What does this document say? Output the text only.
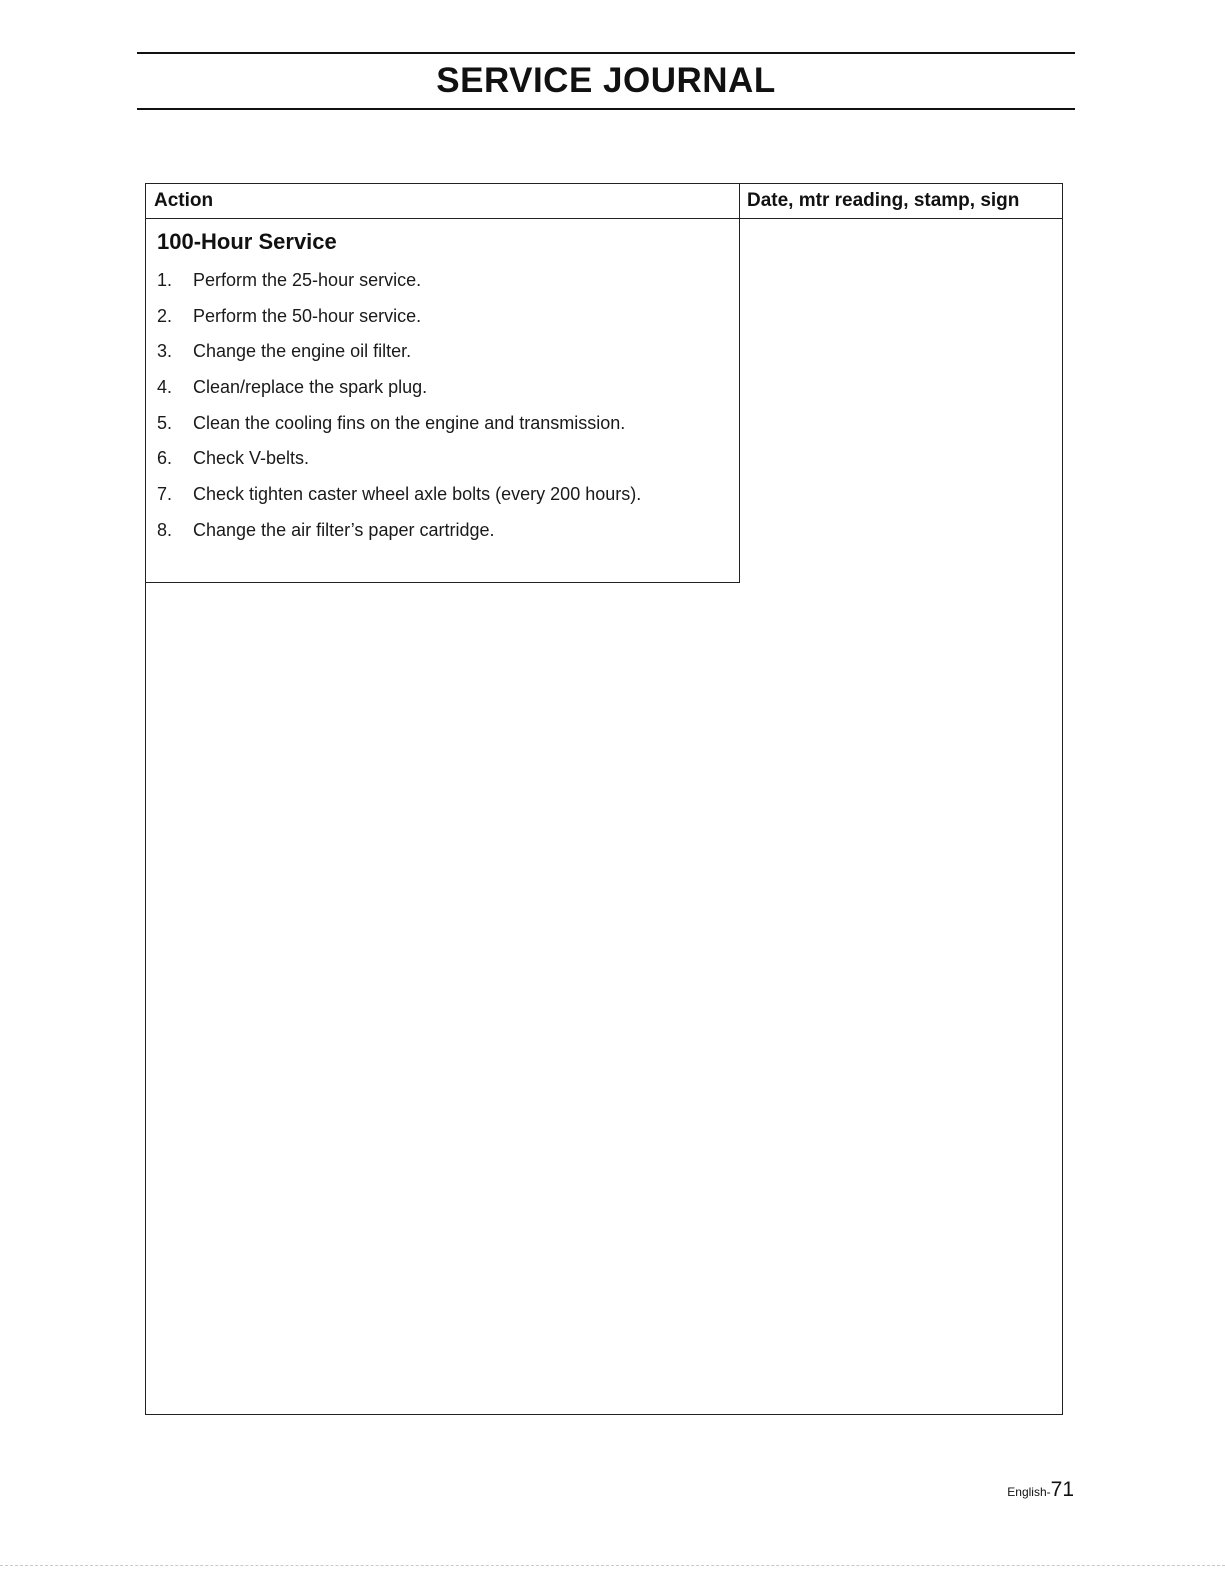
SERVICE JOURNAL
Action	Date, mtr reading, stamp, sign
100-Hour Service
1. Perform the 25-hour service.
2. Perform the 50-hour service.
3. Change the engine oil filter.
4. Clean/replace the spark plug.
5. Clean the cooling fins on the engine and transmission.
6. Check V-belts.
7. Check tighten caster wheel axle bolts (every 200 hours).
8. Change the air filter’s paper cartridge.
English-71
